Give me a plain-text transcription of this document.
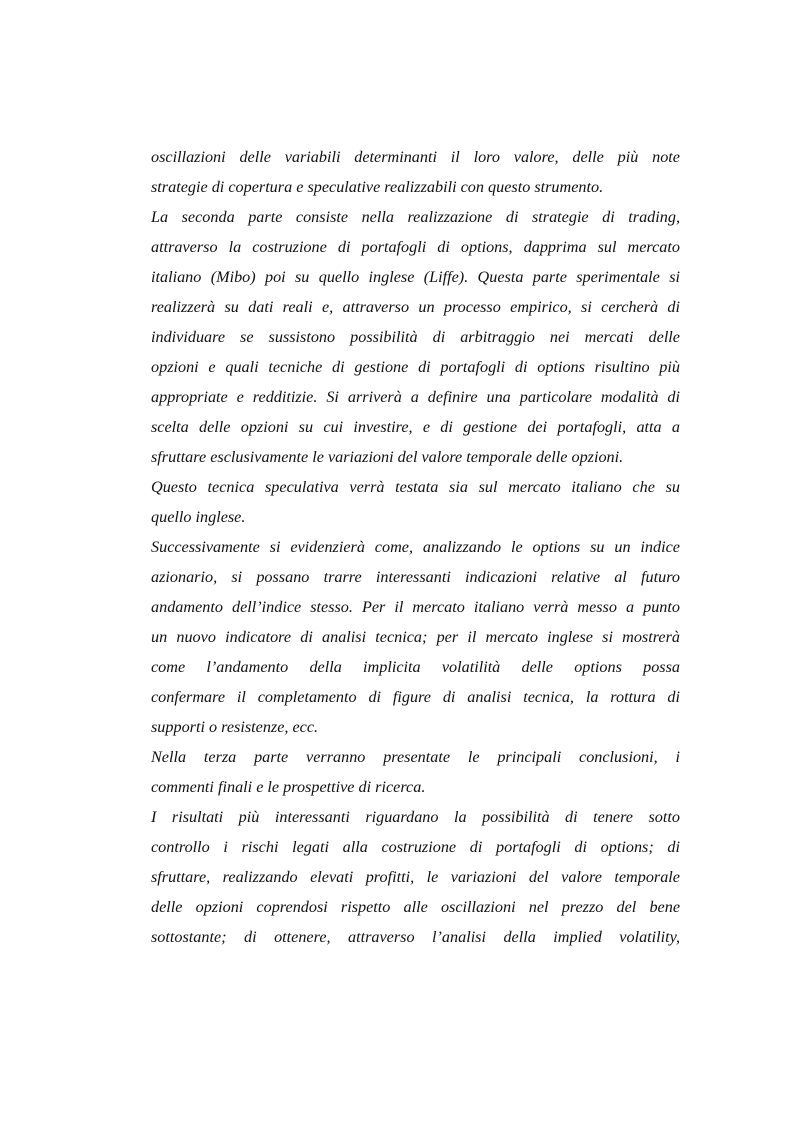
oscillazioni delle variabili determinanti il loro valore, delle più note
strategie di copertura e speculative realizzabili con questo strumento.
La seconda parte consiste nella realizzazione di strategie di trading,
attraverso la costruzione di portafogli di options, dapprima sul mercato
italiano (Mibo) poi su quello inglese (Liffe). Questa parte sperimentale si
realizzerà su dati reali e, attraverso un processo empirico, si cercherà di
individuare se sussistono possibilità di arbitraggio nei mercati delle
opzioni e quali tecniche di gestione di portafogli di options risultino più
appropriate e redditizie. Si arriverà a definire una particolare modalità di
scelta delle opzioni su cui investire, e di gestione dei portafogli, atta a
sfruttare esclusivamente le variazioni del valore temporale delle opzioni.
Questo tecnica speculativa verrà testata sia sul mercato italiano che su
quello inglese.
Successivamente si evidenzierà come, analizzando le options su un indice
azionario, si possano trarre interessanti indicazioni relative al futuro
andamento dell’indice stesso. Per il mercato italiano verrà messo a punto
un nuovo indicatore di analisi tecnica; per il mercato inglese si mostrerà
come l’andamento della implicita volatilità delle options possa
confermare il completamento di figure di analisi tecnica, la rottura di
supporti o resistenze, ecc.
Nella terza parte verranno presentate le principali conclusioni, i
commenti finali e le prospettive di ricerca.
I risultati più interessanti riguardano la possibilità di tenere sotto
controllo i rischi legati alla costruzione di portafogli di options; di
sfruttare, realizzando elevati profitti, le variazioni del valore temporale
delle opzioni coprendosi rispetto alle oscillazioni nel prezzo del bene
sottostante; di ottenere, attraverso l’analisi della implied volatility,
